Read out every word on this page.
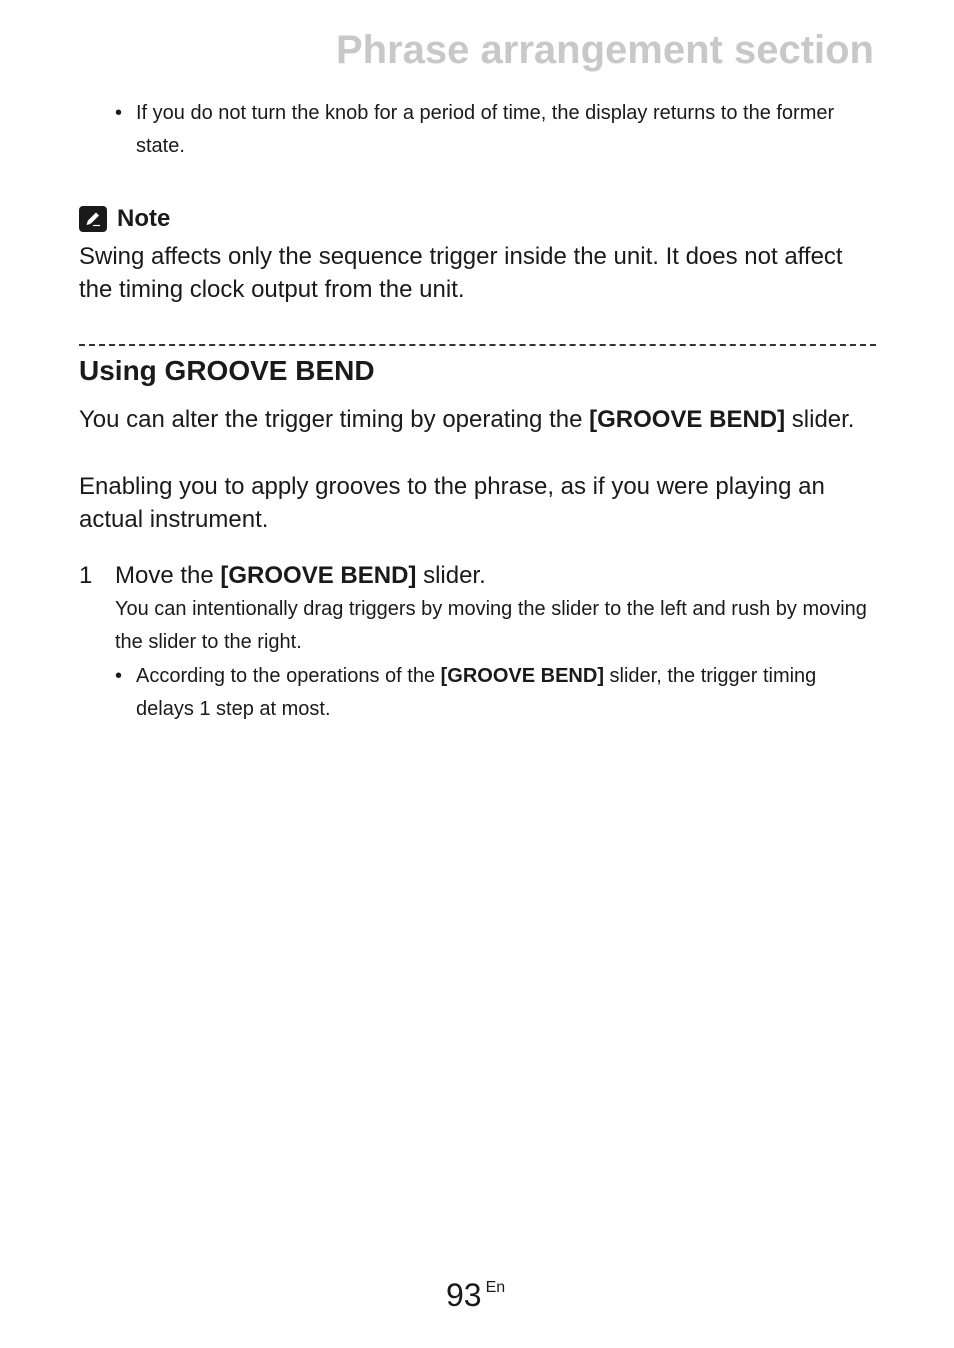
Phrase arrangement section
• If you do not turn the knob for a period of time, the display returns to the former state.
Note

Swing affects only the sequence trigger inside the unit. It does not affect the timing clock output from the unit.

Using GROOVE BEND

You can alter the trigger timing by operating the [GROOVE BEND] slider.

Enabling you to apply grooves to the phrase, as if you were playing an actual instrument.

1 Move the [GROOVE BEND] slider.
You can intentionally drag triggers by moving the slider to the left and rush by moving the slider to the right.
• According to the operations of the [GROOVE BEND] slider, the trigger timing delays 1 step at most.
93 En
